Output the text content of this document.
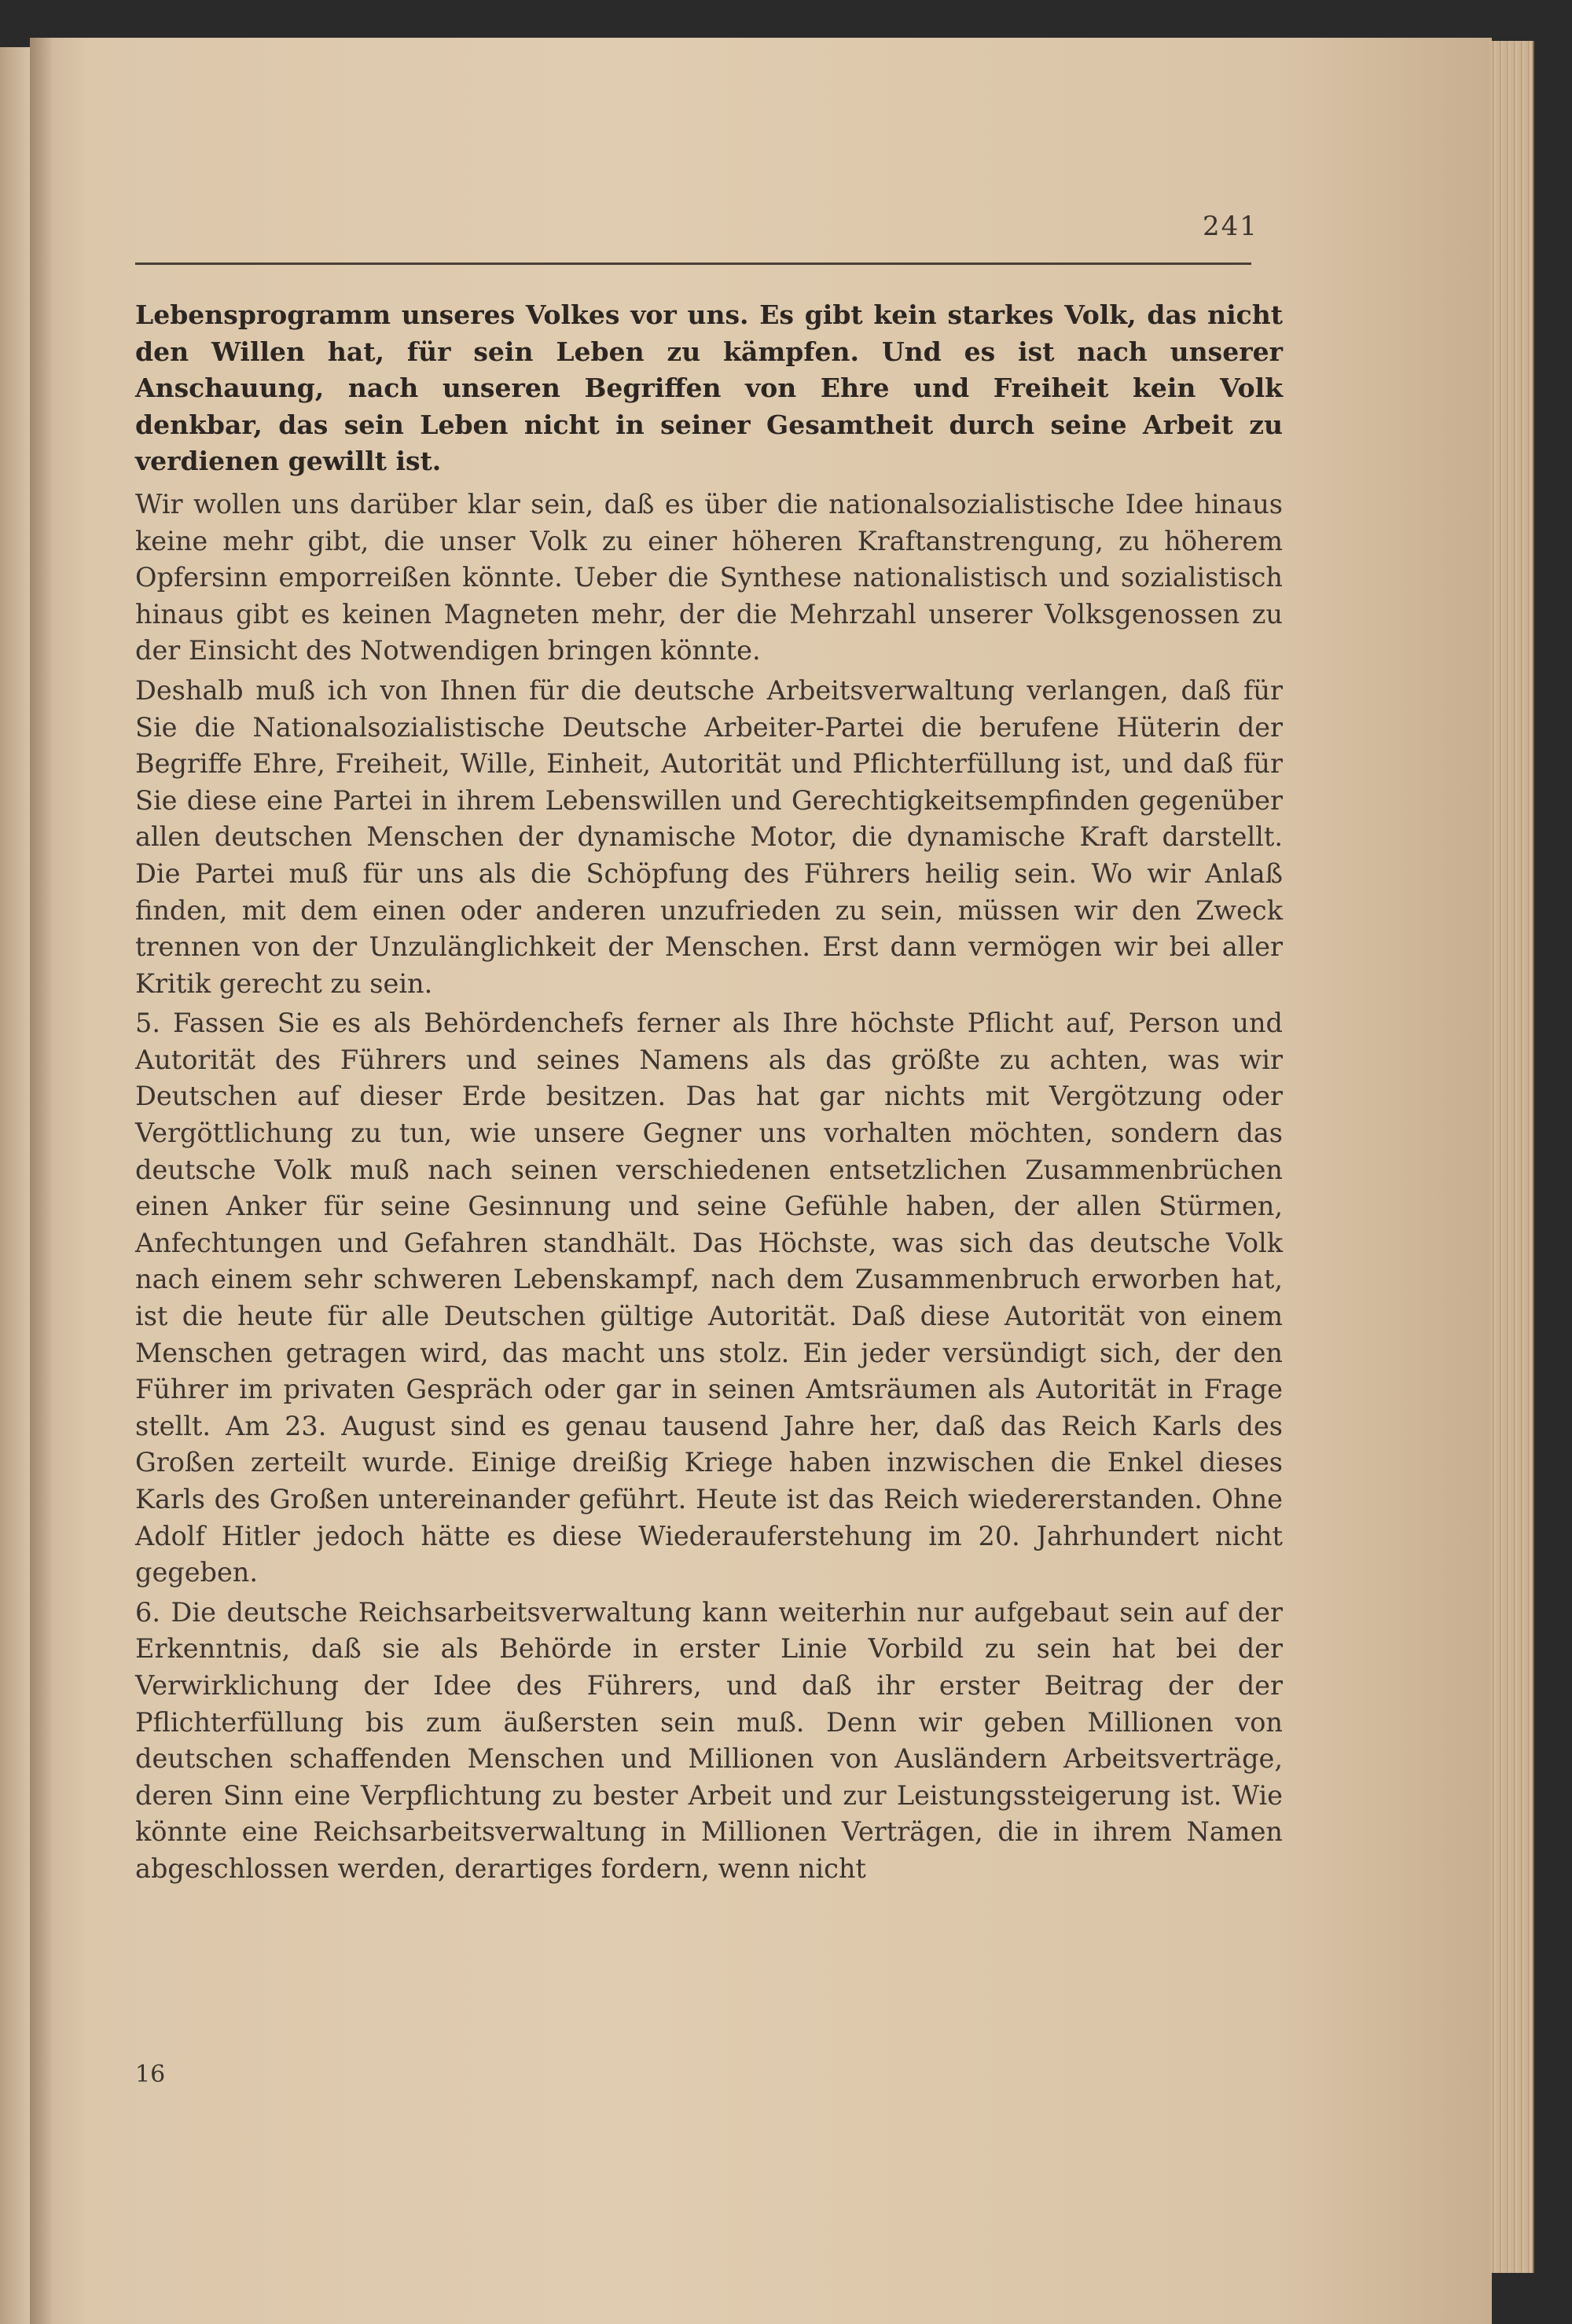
241

Lebensprogramm unseres Volkes vor uns. Es gibt kein starkes Volk, das nicht den Willen hat, für sein Leben zu kämpfen. Und es ist nach unserer Anschauung, nach unseren Begriffen von Ehre und Freiheit kein Volk denkbar, das sein Leben nicht in seiner Gesamtheit durch seine Arbeit zu verdienen gewillt ist.

Wir wollen uns darüber klar sein, daß es über die nationalsozialistische Idee hinaus keine mehr gibt, die unser Volk zu einer höheren Kraftanstrengung, zu höherem Opfersinn emporreißen könnte. Ueber die Synthese nationalistisch und sozialistisch hinaus gibt es keinen Magneten mehr, der die Mehrzahl unserer Volksgenossen zu der Einsicht des Notwendigen bringen könnte.

Deshalb muß ich von Ihnen für die deutsche Arbeitsverwaltung verlangen, daß für Sie die Nationalsozialistische Deutsche Arbeiter-Partei die berufene Hüterin der Begriffe Ehre, Freiheit, Wille, Einheit, Autorität und Pflichterfüllung ist, und daß für Sie diese eine Partei in ihrem Lebenswillen und Gerechtigkeitsempfinden gegenüber allen deutschen Menschen der dynamische Motor, die dynamische Kraft darstellt. Die Partei muß für uns als die Schöpfung des Führers heilig sein. Wo wir Anlaß finden, mit dem einen oder anderen unzufrieden zu sein, müssen wir den Zweck trennen von der Unzulänglichkeit der Menschen. Erst dann vermögen wir bei aller Kritik gerecht zu sein.

5. Fassen Sie es als Behördenchefs ferner als Ihre höchste Pflicht auf, Person und Autorität des Führers und seines Namens als das größte zu achten, was wir Deutschen auf dieser Erde besitzen. Das hat gar nichts mit Vergötzung oder Vergöttlichung zu tun, wie unsere Gegner uns vorhalten möchten, sondern das deutsche Volk muß nach seinen verschiedenen entsetzlichen Zusammenbrüchen einen Anker für seine Gesinnung und seine Gefühle haben, der allen Stürmen, Anfechtungen und Gefahren standhält. Das Höchste, was sich das deutsche Volk nach einem sehr schweren Lebenskampf, nach dem Zusammenbruch erworben hat, ist die heute für alle Deutschen gültige Autorität. Daß diese Autorität von einem Menschen getragen wird, das macht uns stolz. Ein jeder versündigt sich, der den Führer im privaten Gespräch oder gar in seinen Amtsräumen als Autorität in Frage stellt. Am 23. August sind es genau tausend Jahre her, daß das Reich Karls des Großen zerteilt wurde. Einige dreißig Kriege haben inzwischen die Enkel dieses Karls des Großen untereinander geführt. Heute ist das Reich wiedererstanden. Ohne Adolf Hitler jedoch hätte es diese Wiederauferstehung im 20. Jahrhundert nicht gegeben.

6. Die deutsche Reichsarbeitsverwaltung kann weiterhin nur aufgebaut sein auf der Erkenntnis, daß sie als Behörde in erster Linie Vorbild zu sein hat bei der Verwirklichung der Idee des Führers, und daß ihr erster Beitrag der der Pflichterfüllung bis zum äußersten sein muß. Denn wir geben Millionen von deutschen schaffenden Menschen und Millionen von Ausländern Arbeitsverträge, deren Sinn eine Verpflichtung zu bester Arbeit und zur Leistungssteigerung ist. Wie könnte eine Reichsarbeitsverwaltung in Millionen Verträgen, die in ihrem Namen abgeschlossen werden, derartiges fordern, wenn nicht

16
